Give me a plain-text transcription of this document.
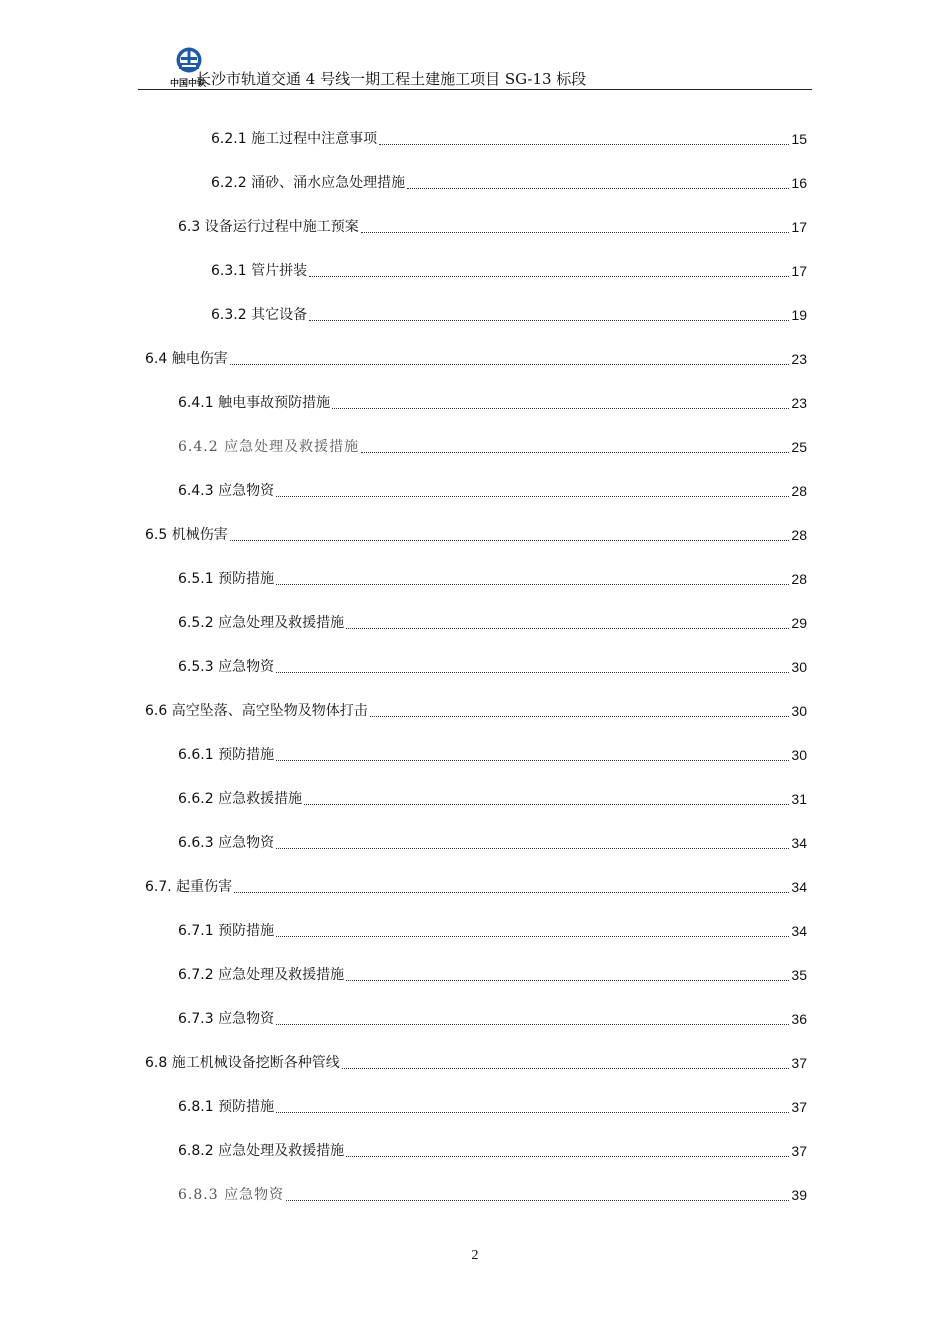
中国中铁
长沙市轨道交通 4 号线一期工程土建施工项目 SG-13 标段
6.2.1 施工过程中注意事项	15
6.2.2 涌砂、涌水应急处理措施	16
6.3 设备运行过程中施工预案	17
6.3.1 管片拼装	17
6.3.2 其它设备	19
6.4 触电伤害	23
6.4.1 触电事故预防措施	23
6.4.2 应急处理及救援措施	25
6.4.3 应急物资	28
6.5 机械伤害	28
6.5.1 预防措施	28
6.5.2 应急处理及救援措施	29
6.5.3 应急物资	30
6.6 高空坠落、高空坠物及物体打击	30
6.6.1 预防措施	30
6.6.2 应急救援措施	31
6.6.3 应急物资	34
6.7. 起重伤害	34
6.7.1 预防措施	34
6.7.2 应急处理及救援措施	35
6.7.3 应急物资	36
6.8 施工机械设备挖断各种管线	37
6.8.1 预防措施	37
6.8.2 应急处理及救援措施	37
6.8.3 应急物资	39
2
